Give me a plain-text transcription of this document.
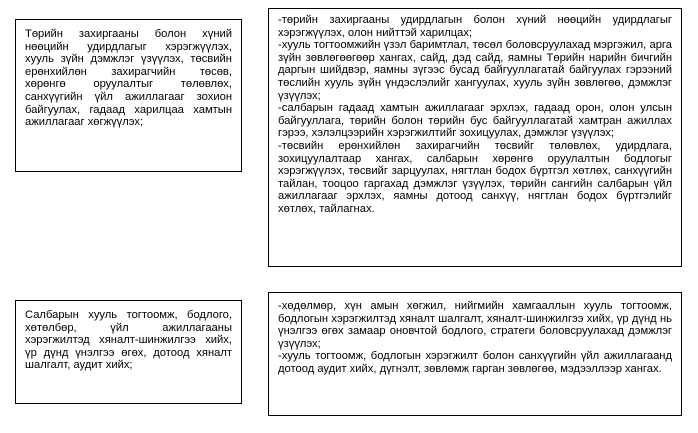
Төрийн захиргааны болон хүний нөөцийн удирдлагыг хэрэгжүүлэх, хууль зүйн дэмжлэг үзүүлэх, төсвийн ерөнхийлөн захирагчийн төсөв, хөрөнгө оруулалтыг төлөвлөх, санхүүгийн үйл ажиллагааг зохион байгуулах, гадаад харилцаа хамтын ажиллагааг хөгжүүлэх;

-төрийн захиргааны удирдлагын болон хүний нөөцийн удирдлагыг хэрэгжүүлэх, олон нийттэй харилцах;
-хууль тогтоомжийн үзэл баримтлал, төсөл боловсруулахад мэргэжил, арга зүйн зөвлөгөөгөөр хангах, сайд, дэд сайд, яамны Төрийн нарийн бичгийн даргын шийдвэр, яамны зүгээс бусад байгууллагатай байгуулах гэрээний төслийн хууль зүйн үндэслэлийг хангуулах, хууль зүйн зөвлөгөө, дэмжлэг үзүүлэх;
-салбарын гадаад хамтын ажиллагааг эрхлэх, гадаад орон, олон улсын байгууллага, төрийн болон төрийн бус байгууллагатай хамтран ажиллах гэрээ, хэлэлцээрийн хэрэгжилтийг зохицуулах, дэмжлэг үзүүлэх;
-төсвийн ерөнхийлөн захирагчийн төсвийг төлөвлөх, удирдлага, зохицуулалтаар хангах, салбарын хөрөнгө оруулалтын бодлогыг хэрэгжүүлэх, төсвийг зарцуулах, нягтлан бодох бүртгэл хөтлөх, санхүүгийн тайлан, тооцоо гаргахад дэмжлэг үзүүлэх, төрийн сангийн салбарын үйл ажиллагааг эрхлэх, яамны дотоод санхүү, нягтлан бодох бүртгэлийг хөтлөх, тайлагнах.

Салбарын хууль тогтоомж, бодлого, хөтөлбөр, үйл ажиллагааны хэрэгжилтэд хяналт-шинжилгээ хийх, үр дүнд үнэлгээ өгөх, дотоод хяналт шалгалт, аудит хийх;

-хөдөлмөр, хүн амын хөгжил, нийгмийн хамгааллын хууль тогтоомж, бодлогын хэрэгжилтэд хяналт шалгалт, хяналт-шинжилгээ хийх, үр дүнд нь үнэлгээ өгөх замаар оновчтой бодлого, стратеги боловсруулахад дэмжлэг үзүүлэх;
-хууль тогтоомж, бодлогын хэрэгжилт болон санхүүгийн үйл ажиллагаанд дотоод аудит хийх, дүгнэлт, зөвлөмж гарган зөвлөгөө, мэдээллээр хангах.
